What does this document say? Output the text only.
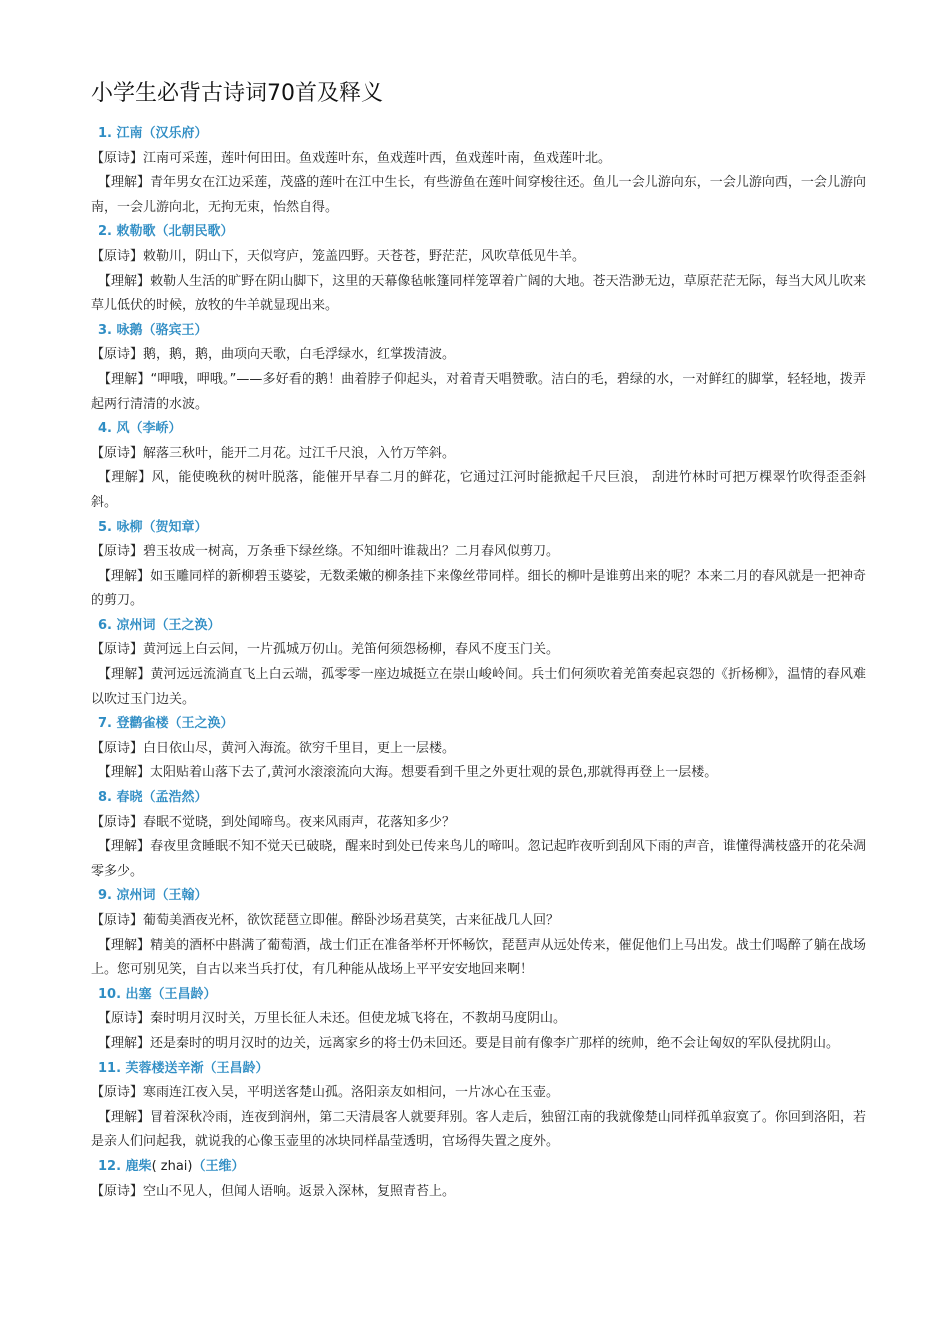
小学生必背古诗词70首及释义

1. 江南（汉乐府）

【原诗】江南可采莲，莲叶何田田。鱼戏莲叶东，鱼戏莲叶西，鱼戏莲叶南，鱼戏莲叶北。

【理解】青年男女在江边采莲，茂盛的莲叶在江中生长，有些游鱼在莲叶间穿梭往还。鱼儿一会儿游向东，一会儿游向西，一会儿游向南，一会儿游向北，无拘无束，怡然自得。

2. 敕勒歌（北朝民歌）

【原诗】敕勒川，阴山下，天似穹庐，笼盖四野。天苍苍，野茫茫，风吹草低见牛羊。

【理解】敕勒人生活的旷野在阴山脚下，这里的天幕像毡帐篷同样笼罩着广阔的大地。苍天浩渺无边，草原茫茫无际，每当大风儿吹来草儿低伏的时候，放牧的牛羊就显现出来。

3. 咏鹅（骆宾王）

【原诗】鹅，鹅，鹅，曲项向天歌，白毛浮绿水，红掌拨清波。

【理解】“呷哦，呷哦。”——多好看的鹅！曲着脖子仰起头，对着青天唱赞歌。洁白的毛，碧绿的水，一对鲜红的脚掌，轻轻地，拨弄起两行清清的水波。

4. 风（李峤）

【原诗】解落三秋叶，能开二月花。过江千尺浪，入竹万竿斜。

【理解】风，能使晚秋的树叶脱落，能催开早春二月的鲜花，它通过江河时能掀起千尺巨浪， 刮进竹林时可把万棵翠竹吹得歪歪斜斜。

5. 咏柳（贺知章）

【原诗】碧玉妆成一树高，万条垂下绿丝绦。不知细叶谁裁出？二月春风似剪刀。

【理解】如玉雕同样的新柳碧玉婆娑，无数柔嫩的柳条挂下来像丝带同样。细长的柳叶是谁剪出来的呢？本来二月的春风就是一把神奇的剪刀。

6. 凉州词（王之涣）

【原诗】黄河远上白云间，一片孤城万仞山。羌笛何须怨杨柳，春风不度玉门关。

【理解】黄河远远流淌直飞上白云端，孤零零一座边城挺立在崇山峻岭间。兵士们何须吹着羌笛奏起哀怨的《折杨柳》，温情的春风难以吹过玉门边关。

7. 登鹳雀楼（王之涣）

【原诗】白日依山尽，黄河入海流。欲穷千里目，更上一层楼。

【理解】太阳贴着山落下去了,黄河水滚滚流向大海。想要看到千里之外更壮观的景色,那就得再登上一层楼。

8. 春晓（孟浩然）

【原诗】春眠不觉晓，到处闻啼鸟。夜来风雨声，花落知多少？

【理解】春夜里贪睡眠不知不觉天已破晓，醒来时到处已传来鸟儿的啼叫。忽记起昨夜听到刮风下雨的声音，谁懂得满枝盛开的花朵凋零多少。

9. 凉州词（王翰）

【原诗】葡萄美酒夜光杯，欲饮琵琶立即催。醉卧沙场君莫笑，古来征战几人回？

【理解】精美的酒杯中斟满了葡萄酒，战士们正在准备举杯开怀畅饮，琵琶声从远处传来，催促他们上马出发。战士们喝醉了躺在战场上。您可别见笑，自古以来当兵打仗，有几种能从战场上平平安安地回来啊！

10. 出塞（王昌龄）

【原诗】秦时明月汉时关，万里长征人未还。但使龙城飞将在，不教胡马度阴山。

【理解】还是秦时的明月汉时的边关，远离家乡的将士仍未回还。要是目前有像李广那样的统帅，绝不会让匈奴的军队侵扰阴山。

11. 芙蓉楼送辛渐（王昌龄）

【原诗】寒雨连江夜入吴，平明送客楚山孤。洛阳亲友如相问，一片冰心在玉壶。

【理解】冒着深秋冷雨，连夜到润州，第二天清晨客人就要拜别。客人走后，独留江南的我就像楚山同样孤单寂寞了。你回到洛阳，若是亲人们问起我，就说我的心像玉壶里的冰块同样晶莹透明，官场得失置之度外。

12. 鹿柴( zhai)（王维）

【原诗】空山不见人，但闻人语响。返景入深林，复照青苔上。
